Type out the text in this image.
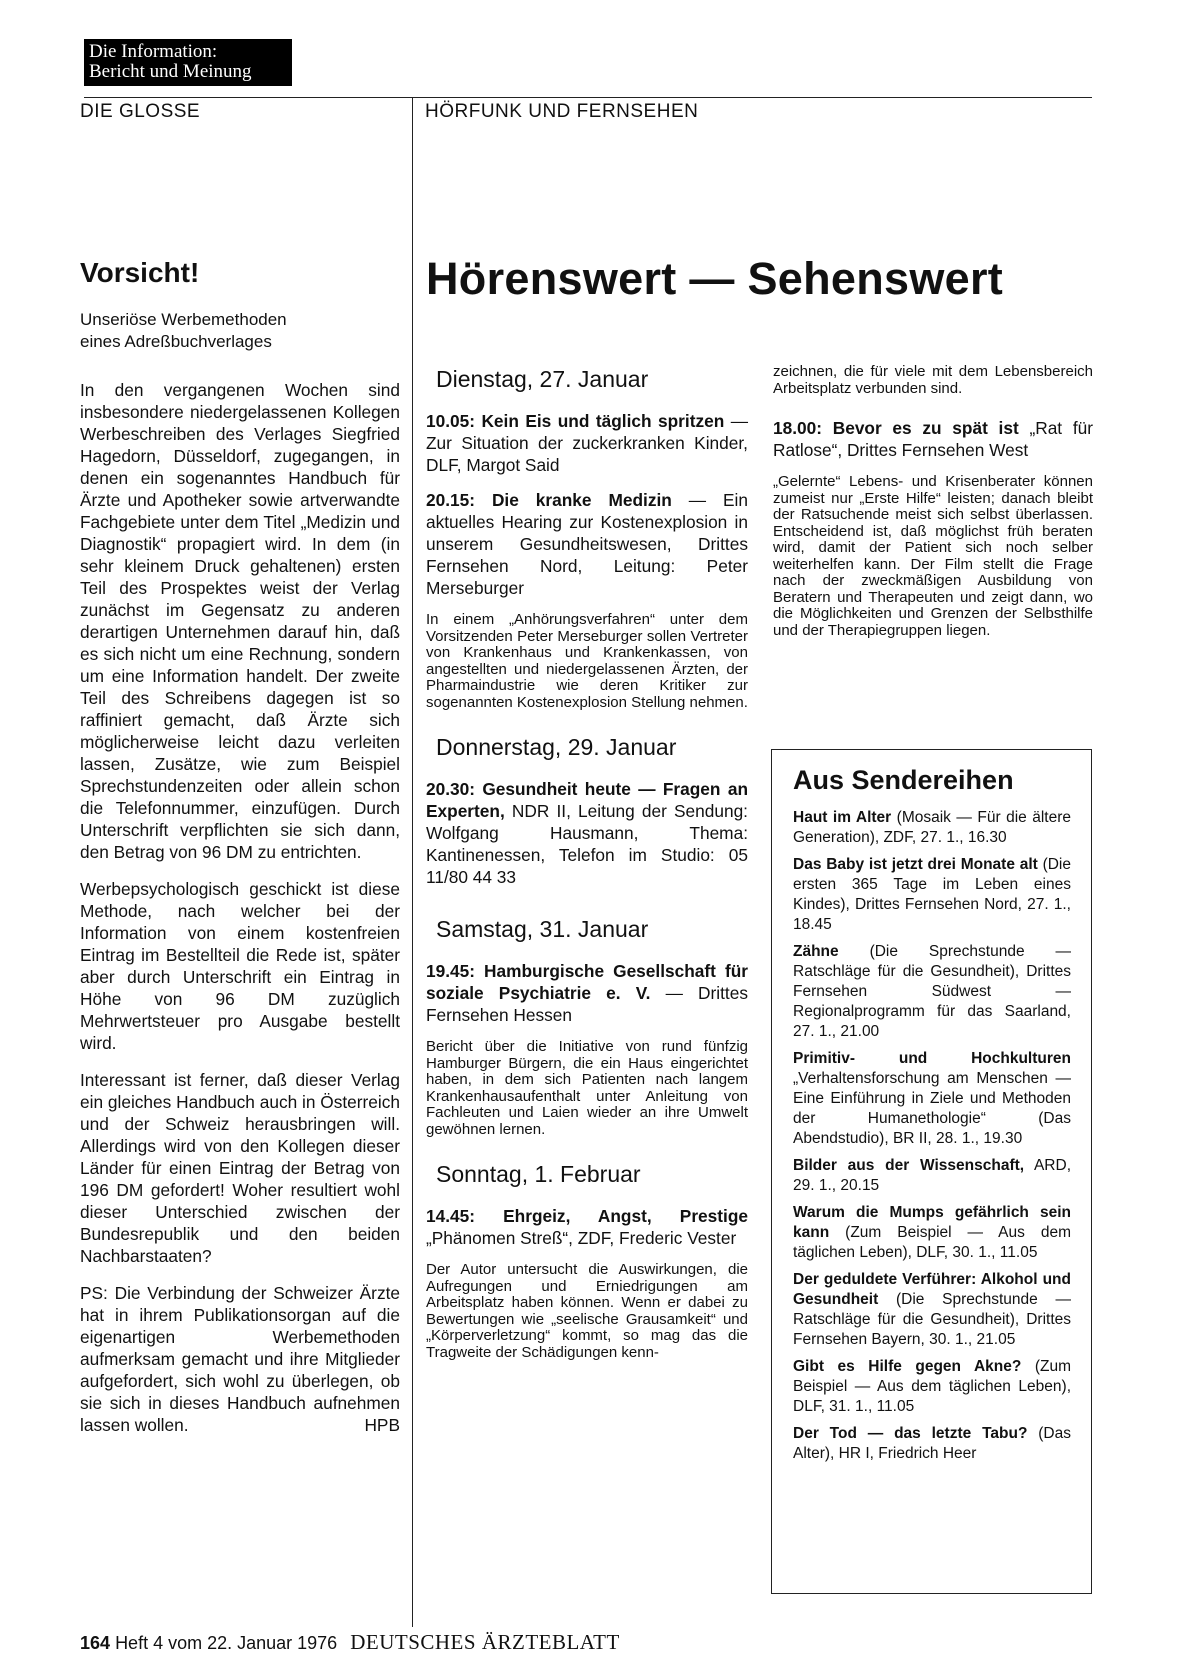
Die Information:
Bericht und Meinung
DIE GLOSSE	HÖRFUNK UND FERNSEHEN
Vorsicht!	Hörenswert — Sehenswert
Unseriöse Werbemethoden
eines Adreßbuchverlages

In den vergangenen Wochen sind insbesondere niedergelassenen Kollegen Werbeschreiben des Verlages Siegfried Hagedorn, Düsseldorf, zugegangen, in denen ein sogenanntes Handbuch für Ärzte und Apotheker sowie artverwandte Fachgebiete unter dem Titel „Medizin und Diagnostik“ propagiert wird. In dem (in sehr kleinem Druck gehaltenen) ersten Teil des Prospektes weist der Verlag zunächst im Gegensatz zu anderen derartigen Unternehmen darauf hin, daß es sich nicht um eine Rechnung, sondern um eine Information handelt. Der zweite Teil des Schreibens dagegen ist so raffiniert gemacht, daß Ärzte sich möglicherweise leicht dazu verleiten lassen, Zusätze, wie zum Beispiel Sprechstundenzeiten oder allein schon die Telefonnummer, einzufügen. Durch Unterschrift verpflichten sie sich dann, den Betrag von 96 DM zu entrichten.

Werbepsychologisch geschickt ist diese Methode, nach welcher bei der Information von einem kostenfreien Eintrag im Bestellteil die Rede ist, später aber durch Unterschrift ein Eintrag in Höhe von 96 DM zuzüglich Mehrwertsteuer pro Ausgabe bestellt wird.

Interessant ist ferner, daß dieser Verlag ein gleiches Handbuch auch in Österreich und der Schweiz herausbringen will. Allerdings wird von den Kollegen dieser Länder für einen Eintrag der Betrag von 196 DM gefordert! Woher resultiert wohl dieser Unterschied zwischen der Bundesrepublik und den beiden Nachbarstaaten?

PS: Die Verbindung der Schweizer Ärzte hat in ihrem Publikationsorgan auf die eigenartigen Werbemethoden aufmerksam gemacht und ihre Mitglieder aufgefordert, sich wohl zu überlegen, ob sie sich in dieses Handbuch aufnehmen lassen wollen.	HPB

Dienstag, 27. Januar
10.05: Kein Eis und täglich spritzen — Zur Situation der zuckerkranken Kinder, DLF, Margot Said
20.15: Die kranke Medizin — Ein aktuelles Hearing zur Kostenexplosion in unserem Gesundheitswesen, Drittes Fernsehen Nord, Leitung: Peter Merseburger
In einem „Anhörungsverfahren“ unter dem Vorsitzenden Peter Merseburger sollen Vertreter von Krankenhaus und Krankenkassen, von angestellten und niedergelassenen Ärzten, der Pharmaindustrie wie deren Kritiker zur sogenannten Kostenexplosion Stellung nehmen.
Donnerstag, 29. Januar
20.30: Gesundheit heute — Fragen an Experten, NDR II, Leitung der Sendung: Wolfgang Hausmann, Thema: Kantinenessen, Telefon im Studio: 05 11/80 44 33
Samstag, 31. Januar
19.45: Hamburgische Gesellschaft für soziale Psychiatrie e. V. — Drittes Fernsehen Hessen
Bericht über die Initiative von rund fünfzig Hamburger Bürgern, die ein Haus eingerichtet haben, in dem sich Patienten nach langem Krankenhausaufenthalt unter Anleitung von Fachleuten und Laien wieder an ihre Umwelt gewöhnen lernen.
Sonntag, 1. Februar
14.45: Ehrgeiz, Angst, Prestige „Phänomen Streß“, ZDF, Frederic Vester
Der Autor untersucht die Auswirkungen, die Aufregungen und Erniedrigungen am Arbeitsplatz haben können. Wenn er dabei zu Bewertungen wie „seelische Grausamkeit“ und „Körperverletzung“ kommt, so mag das die Tragweite der Schädigungen kenn-
zeichnen, die für viele mit dem Lebensbereich Arbeitsplatz verbunden sind.
18.00: Bevor es zu spät ist „Rat für Ratlose“, Drittes Fernsehen West
„Gelernte“ Lebens- und Krisenberater können zumeist nur „Erste Hilfe“ leisten; danach bleibt der Ratsuchende meist sich selbst überlassen. Entscheidend ist, daß möglichst früh beraten wird, damit der Patient sich noch selber weiterhelfen kann. Der Film stellt die Frage nach der zweckmäßigen Ausbildung von Beratern und Therapeuten und zeigt dann, wo die Möglichkeiten und Grenzen der Selbsthilfe und der Therapiegruppen liegen.
Aus Sendereihen
Haut im Alter (Mosaik — Für die ältere Generation), ZDF, 27. 1., 16.30
Das Baby ist jetzt drei Monate alt (Die ersten 365 Tage im Leben eines Kindes), Drittes Fernsehen Nord, 27. 1., 18.45
Zähne (Die Sprechstunde — Ratschläge für die Gesundheit), Drittes Fernsehen Südwest — Regionalprogramm für das Saarland, 27. 1., 21.00
Primitiv- und Hochkulturen „Verhaltensforschung am Menschen — Eine Einführung in Ziele und Methoden der Humanethologie“ (Das Abendstudio), BR II, 28. 1., 19.30
Bilder aus der Wissenschaft, ARD, 29. 1., 20.15
Warum die Mumps gefährlich sein kann (Zum Beispiel — Aus dem täglichen Leben), DLF, 30. 1., 11.05
Der geduldete Verführer: Alkohol und Gesundheit (Die Sprechstunde — Ratschläge für die Gesundheit), Drittes Fernsehen Bayern, 30. 1., 21.05
Gibt es Hilfe gegen Akne? (Zum Beispiel — Aus dem täglichen Leben), DLF, 31. 1., 11.05
Der Tod — das letzte Tabu? (Das Alter), HR I, Friedrich Heer
164 Heft 4 vom 22. Januar 1976 DEUTSCHES ÄRZTEBLATT
